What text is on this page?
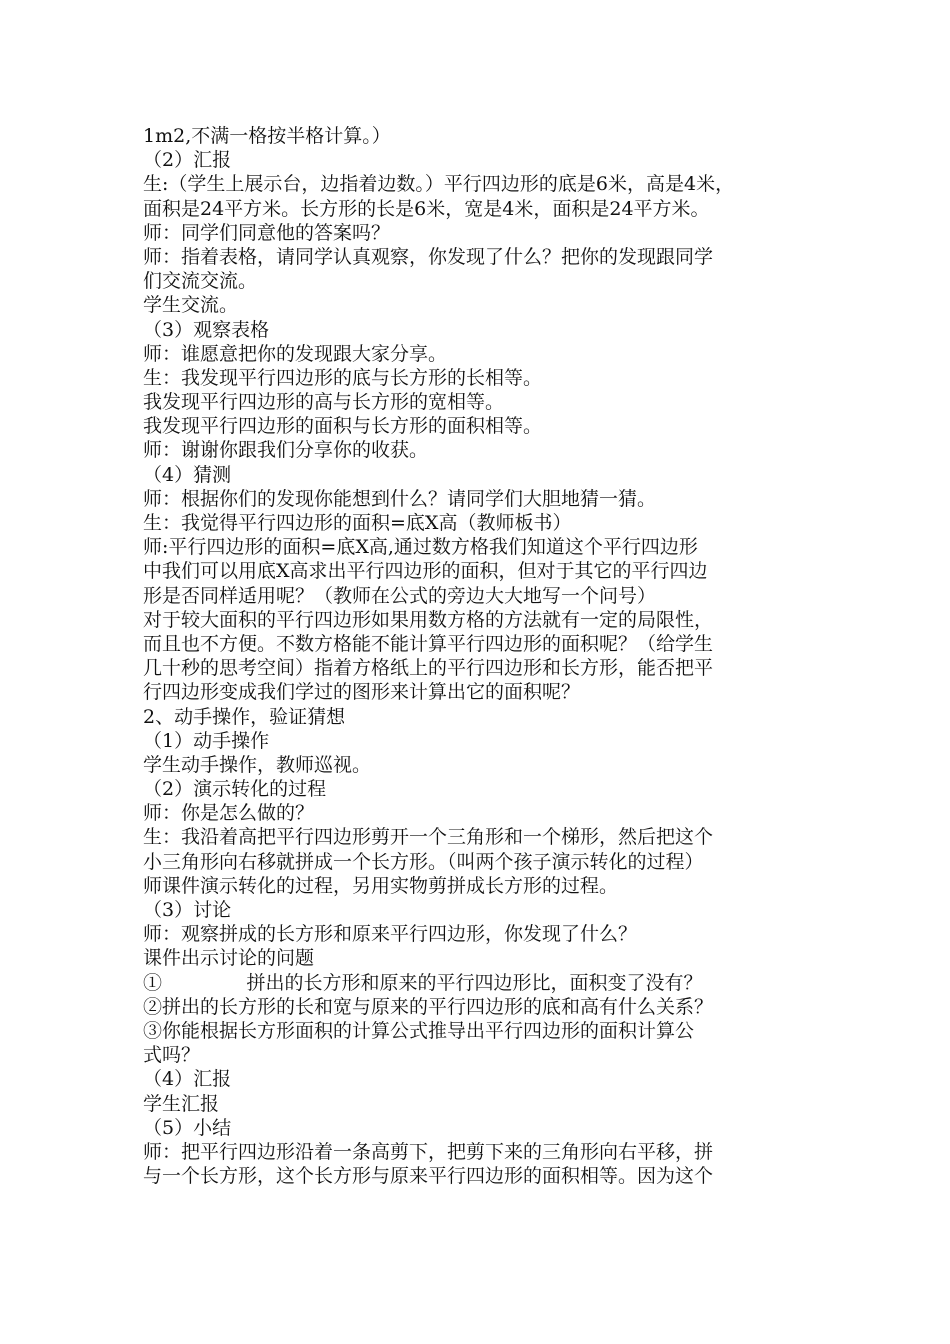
1m2,不满一格按半格计算。）
（2）汇报
生:（学生上展示台，边指着边数。）平行四边形的底是6米，高是4米，
面积是24平方米。长方形的长是6米，宽是4米，面积是24平方米。
师：同学们同意他的答案吗？
师：指着表格，请同学认真观察，你发现了什么？把你的发现跟同学
们交流交流。
学生交流。
（3）观察表格
师：谁愿意把你的发现跟大家分享。
生：我发现平行四边形的底与长方形的长相等。
我发现平行四边形的高与长方形的宽相等。
我发现平行四边形的面积与长方形的面积相等。
师：谢谢你跟我们分享你的收获。
（4）猜测
师：根据你们的发现你能想到什么？请同学们大胆地猜一猜。
生：我觉得平行四边形的面积=底X高（教师板书）
师:平行四边形的面积=底X高,通过数方格我们知道这个平行四边形
中我们可以用底X高求出平行四边形的面积，但对于其它的平行四边
形是否同样适用呢？（教师在公式的旁边大大地写一个问号）
对于较大面积的平行四边形如果用数方格的方法就有一定的局限性，
而且也不方便。不数方格能不能计算平行四边形的面积呢？（给学生
几十秒的思考空间）指着方格纸上的平行四边形和长方形，能否把平
行四边形变成我们学过的图形来计算出它的面积呢？
2、动手操作，验证猜想
（1）动手操作
学生动手操作，教师巡视。
（2）演示转化的过程
师：你是怎么做的？
生：我沿着高把平行四边形剪开一个三角形和一个梯形，然后把这个
小三角形向右移就拼成一个长方形。（叫两个孩子演示转化的过程）
师课件演示转化的过程，另用实物剪拼成长方形的过程。
（3）讨论
师：观察拼成的长方形和原来平行四边形，你发现了什么？
课件出示讨论的问题
①              拼出的长方形和原来的平行四边形比，面积变了没有？
②拼出的长方形的长和宽与原来的平行四边形的底和高有什么关系？
③你能根据长方形面积的计算公式推导出平行四边形的面积计算公
式吗？
（4）汇报
学生汇报
（5）小结
师：把平行四边形沿着一条高剪下，把剪下来的三角形向右平移，拼
与一个长方形，这个长方形与原来平行四边形的面积相等。因为这个
